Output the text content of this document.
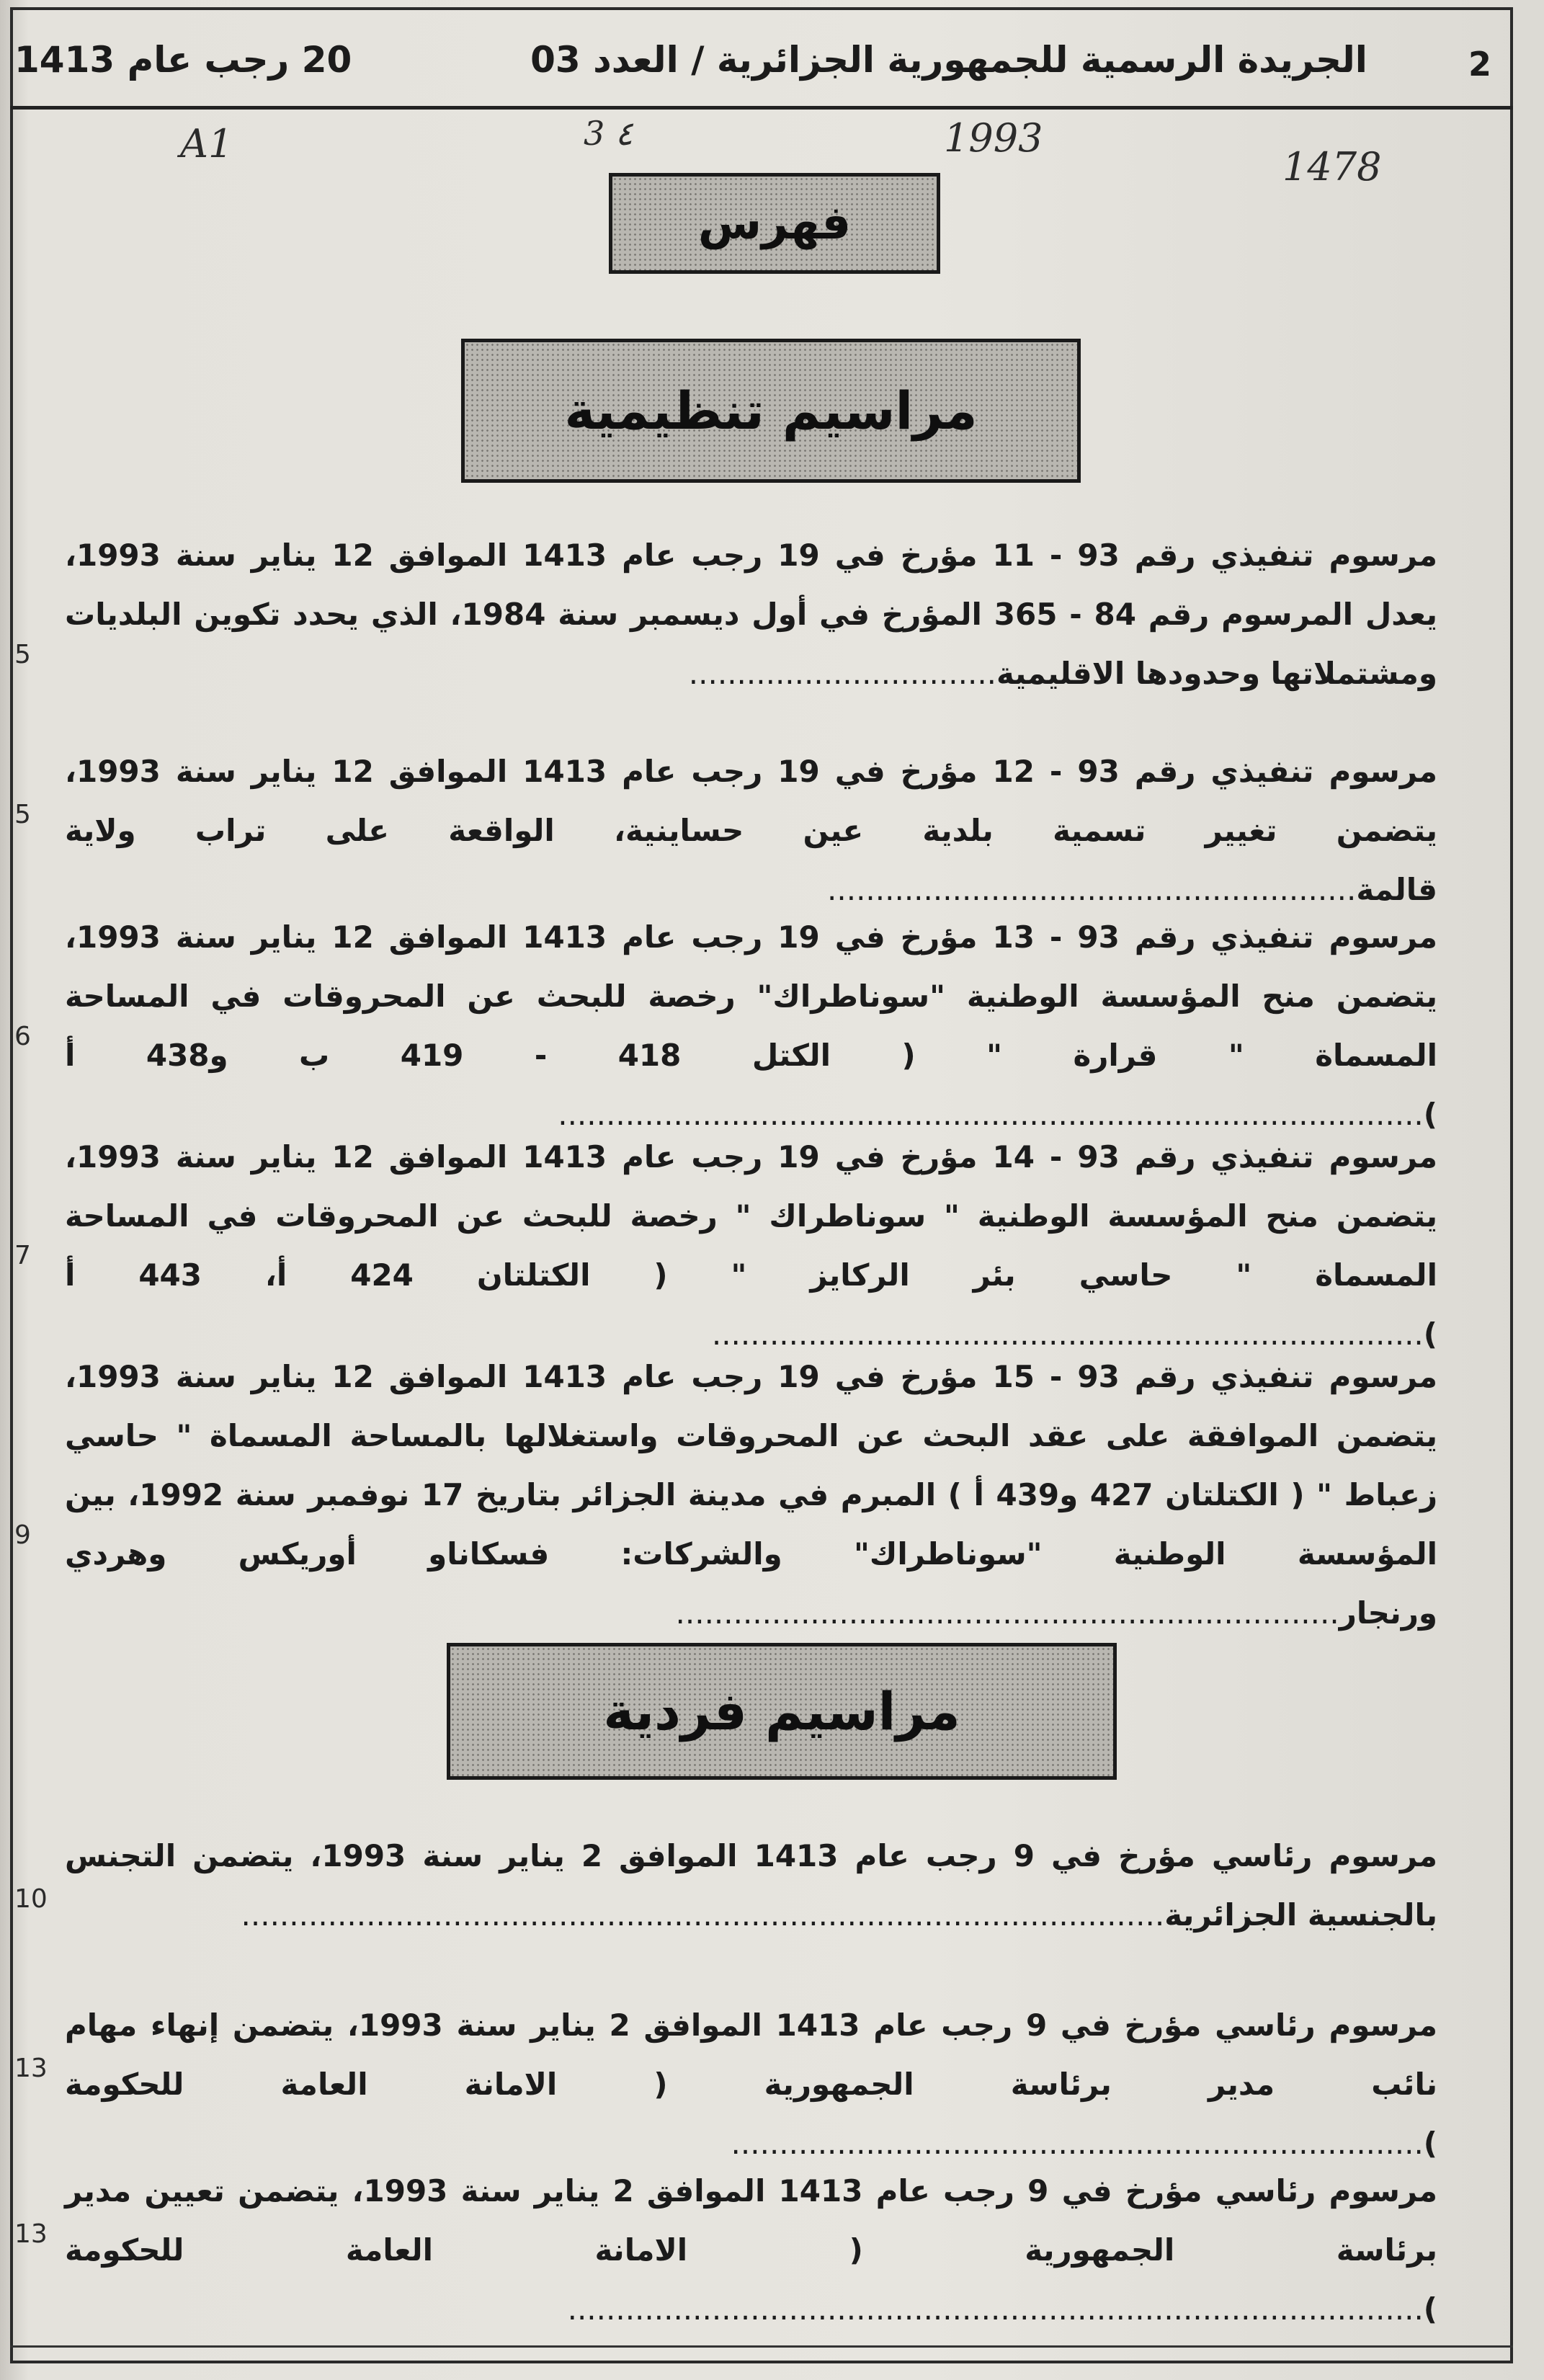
2
الجريدة الرسمية للجمهورية الجزائرية / العدد 03
20 رجب عام 1413
A1	3 ٤	1993
1478
فهرس
مراسيم تنظيمية

مرسوم تنفيذي رقم 93 - 11 مؤرخ في 19 رجب عام 1413 الموافق 12 يناير سنة 1993، يعدل المرسوم رقم 84 - 365 المؤرخ في أول ديسمبر سنة 1984، الذي يحدد تكوين البلديات ومشتملاتها وحدودها الاقليمية................................

5

مرسوم تنفيذي رقم 93 - 12 مؤرخ في 19 رجب عام 1413 الموافق 12 يناير سنة 1993، يتضمن تغيير تسمية بلدية عين حساينية، الواقعة على تراب ولاية قالمة.......................................................

5

مرسوم تنفيذي رقم 93 - 13 مؤرخ في 19 رجب عام 1413 الموافق 12 يناير سنة 1993، يتضمن منح المؤسسة الوطنية "سوناطراك" رخصة للبحث عن المحروقات في المساحة المسماة " قرارة " ( الكتل 418 - 419 ب و438 أ )..........................................................................................

6

مرسوم تنفيذي رقم 93 - 14 مؤرخ في 19 رجب عام 1413 الموافق 12 يناير سنة 1993، يتضمن منح المؤسسة الوطنية " سوناطراك " رخصة للبحث عن المحروقات في المساحة المسماة " حاسي بئر الركايز " ( الكتلتان 424 أ، 443 أ )..........................................................................

7

مرسوم تنفيذي رقم 93 - 15 مؤرخ في 19 رجب عام 1413 الموافق 12 يناير سنة 1993، يتضمن الموافقة على عقد البحث عن المحروقات واستغلالها بالمساحة المسماة " حاسي زعباط " ( الكتلتان 427 و439 أ ) المبرم في مدينة الجزائر بتاريخ 17 نوفمبر سنة 1992، بين المؤسسة الوطنية "سوناطراك" والشركات: فسكاناو أوريكس وهردي ورنجار.....................................................................

9
مراسيم فردية

مرسوم رئاسي مؤرخ في 9 رجب عام 1413 الموافق 2 يناير سنة 1993، يتضمن التجنس بالجنسية الجزائرية................................................................................................

10

مرسوم رئاسي مؤرخ في 9 رجب عام 1413 الموافق 2 يناير سنة 1993، يتضمن إنهاء مهام نائب مدير برئاسة الجمهورية ( الامانة العامة للحكومة )........................................................................

13

مرسوم رئاسي مؤرخ في 9 رجب عام 1413 الموافق 2 يناير سنة 1993، يتضمن تعيين مدير برئاسة الجمهورية ( الامانة العامة للحكومة ).........................................................................................

13
